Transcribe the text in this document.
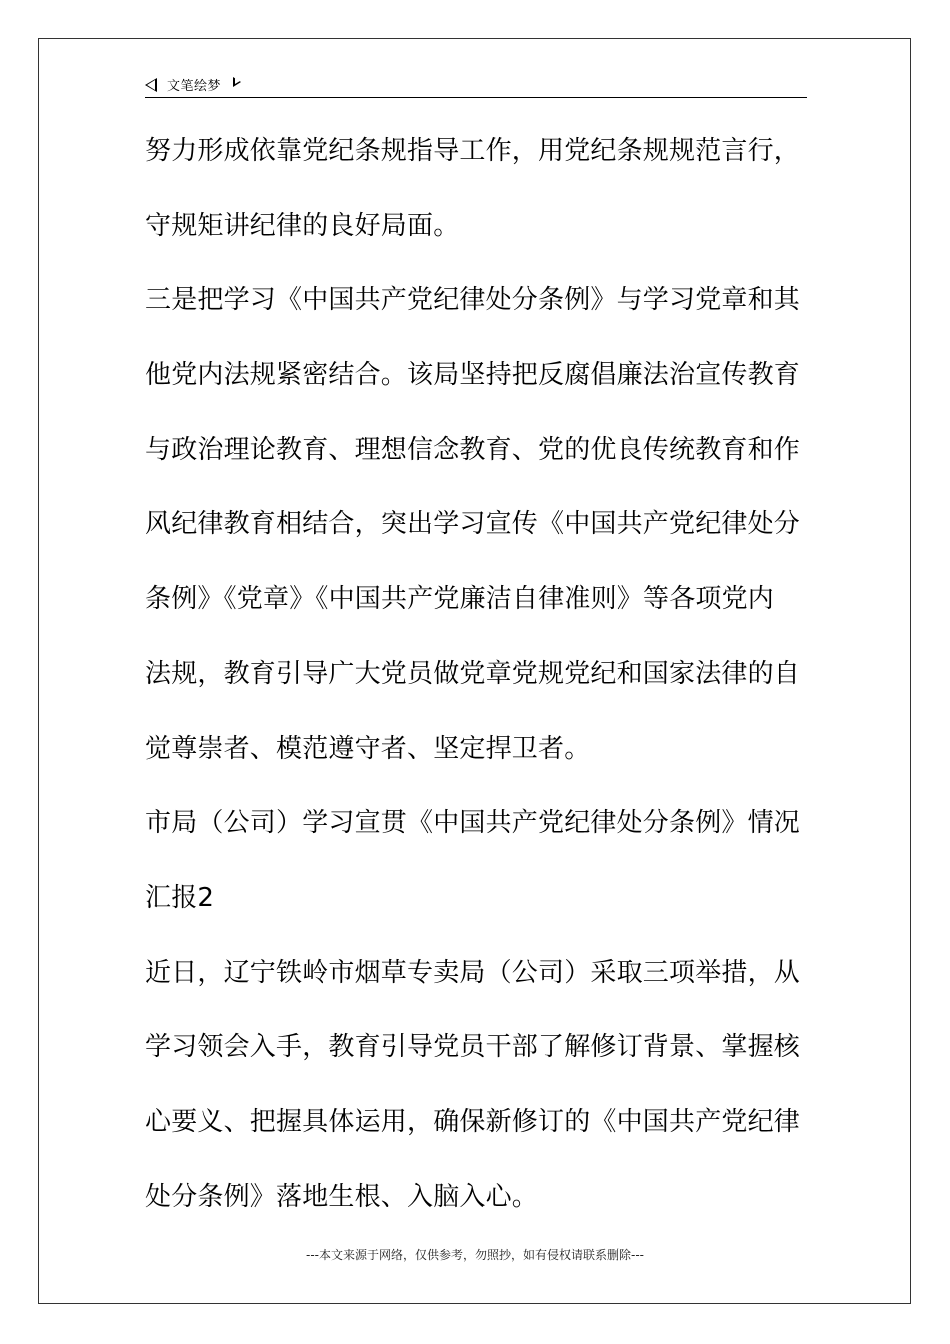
文笔绘梦
努力形成依靠党纪条规指导工作，用党纪条规规范言行，
守规矩讲纪律的良好局面。
三是把学习《中国共产党纪律处分条例》与学习党章和其
他党内法规紧密结合。该局坚持把反腐倡廉法治宣传教育
与政治理论教育、理想信念教育、党的优良传统教育和作
风纪律教育相结合，突出学习宣传《中国共产党纪律处分
条例》《党章》《中国共产党廉洁自律准则》等各项党内
法规，教育引导广大党员做党章党规党纪和国家法律的自
觉尊崇者、模范遵守者、坚定捍卫者。
市局（公司）学习宣贯《中国共产党纪律处分条例》情况
汇报2
近日，辽宁铁岭市烟草专卖局（公司）采取三项举措，从
学习领会入手，教育引导党员干部了解修订背景、掌握核
心要义、把握具体运用，确保新修订的《中国共产党纪律
处分条例》落地生根、入脑入心。
---本文来源于网络，仅供参考，勿照抄，如有侵权请联系删除---
